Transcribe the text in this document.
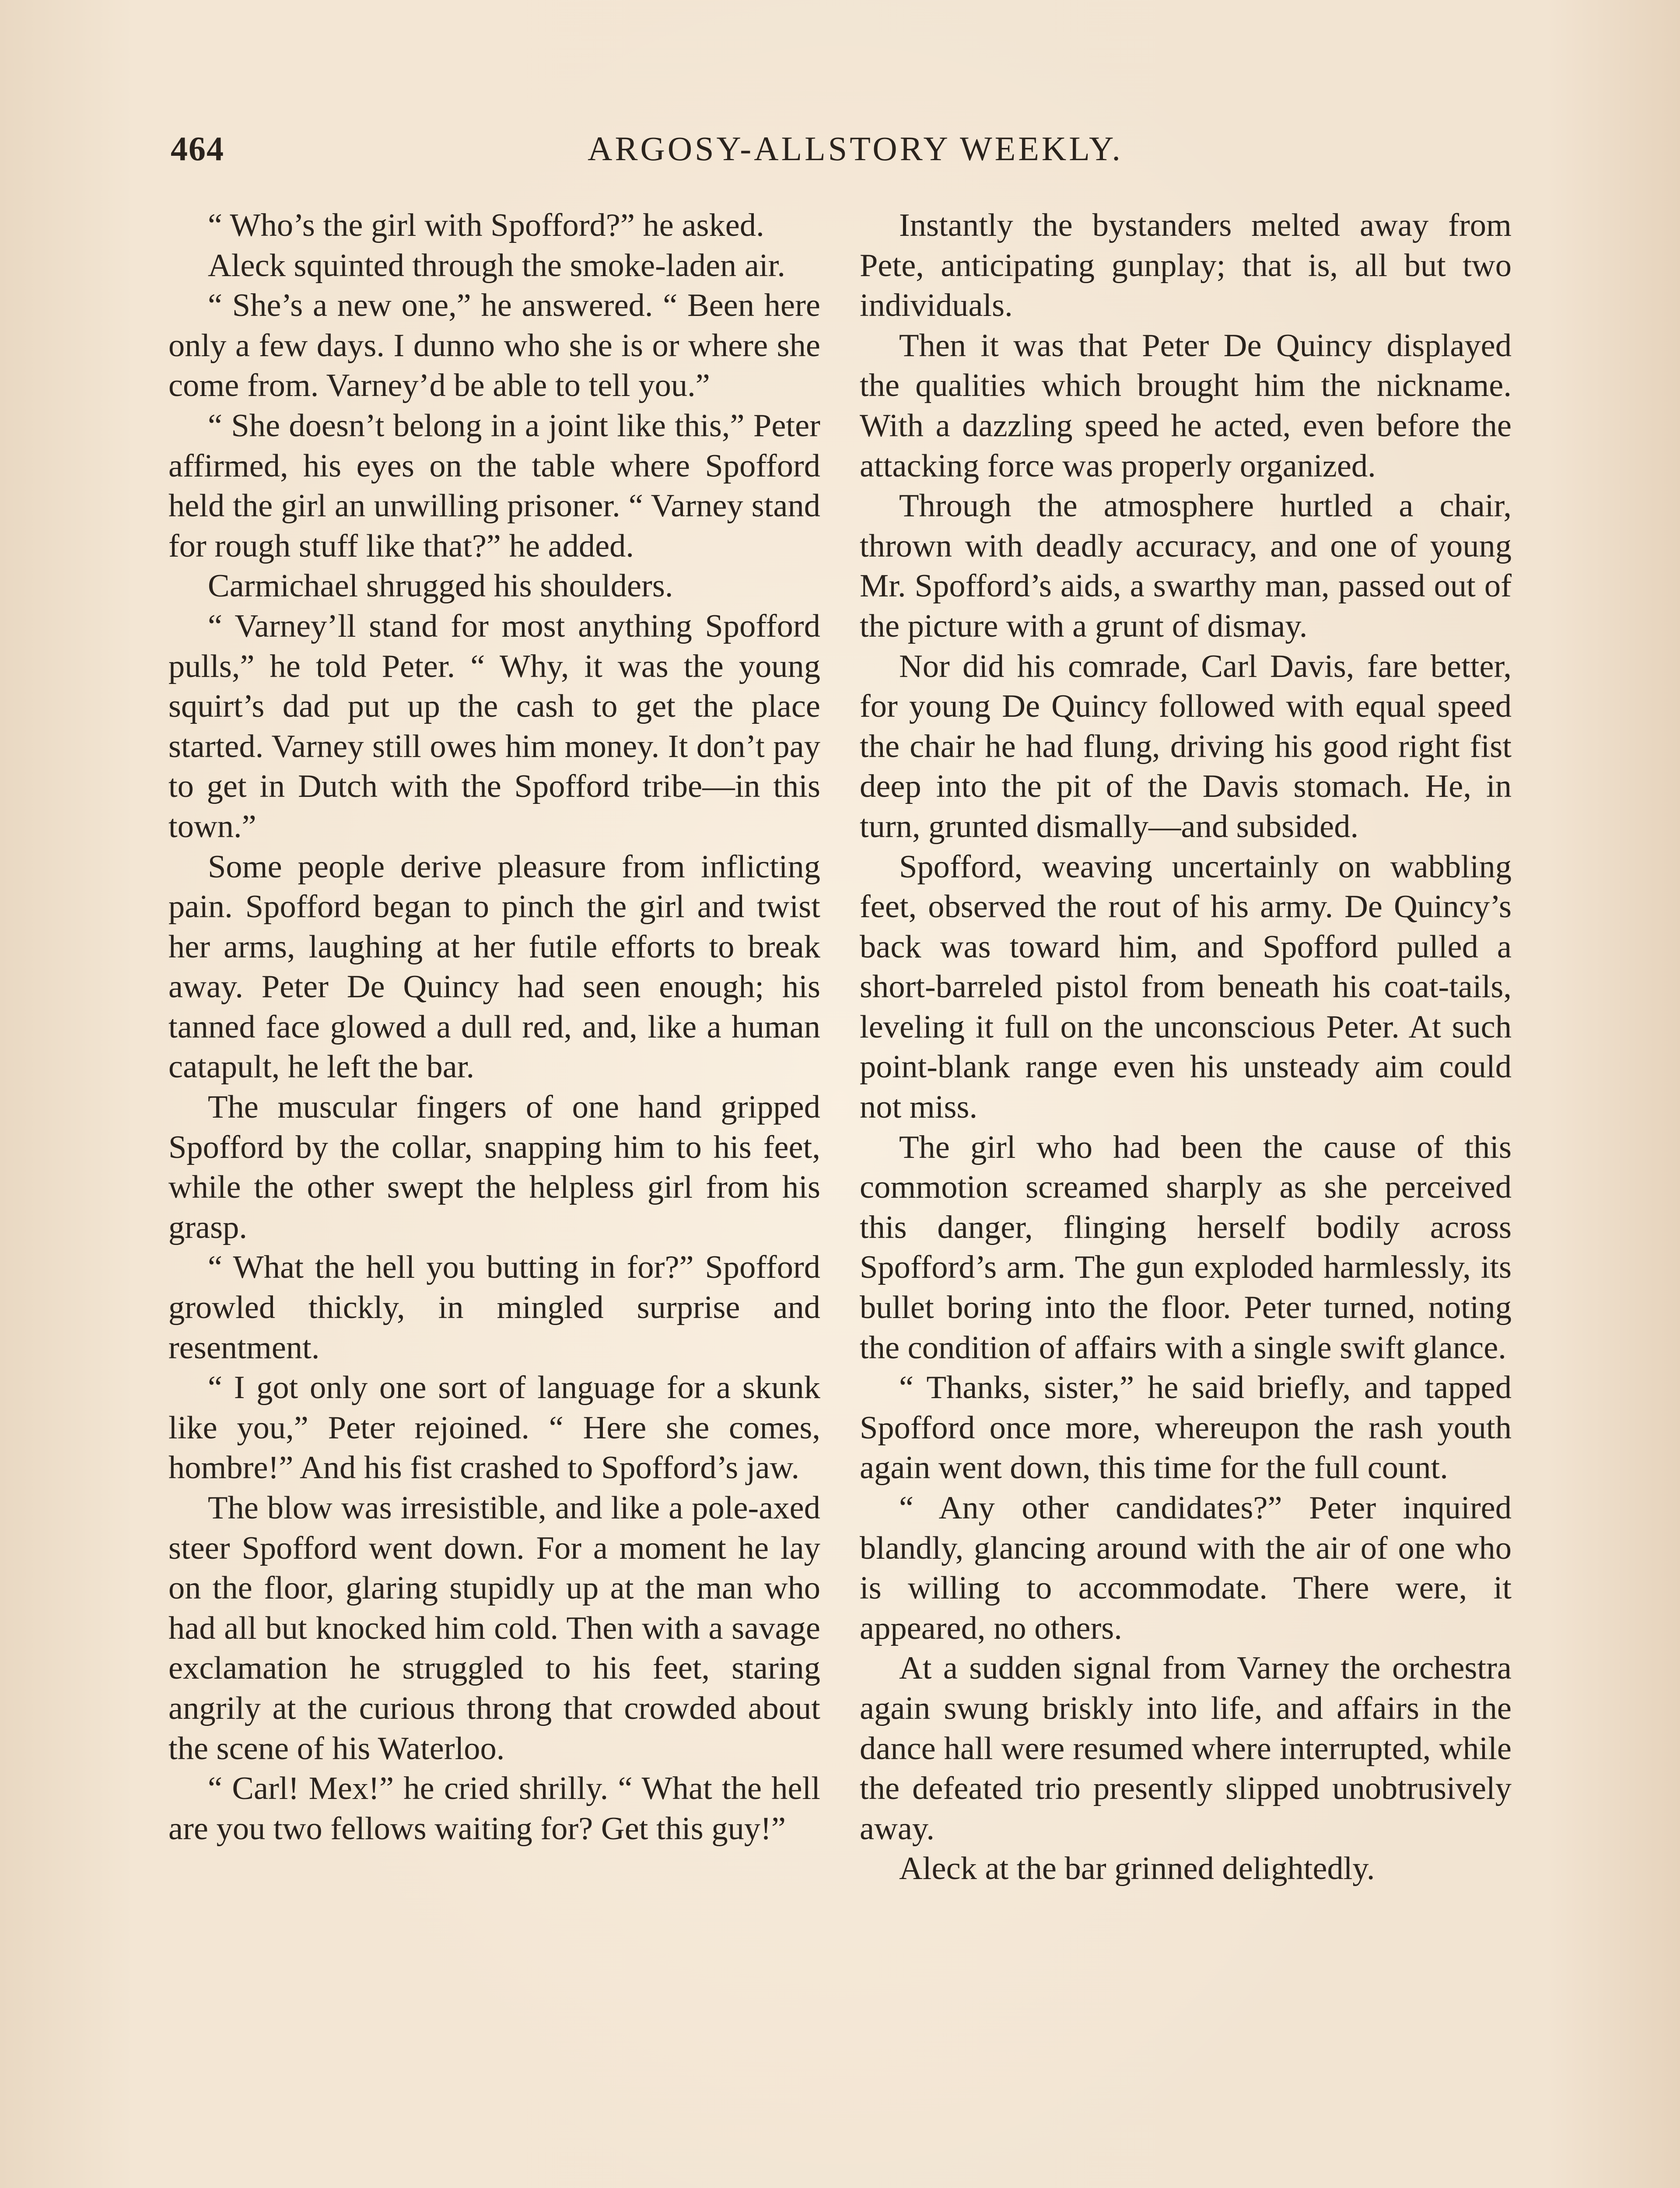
464	ARGOSY-ALLSTORY WEEKLY.

“ Who’s the girl with Spofford?” he asked.

Aleck squinted through the smoke-laden air.

“ She’s a new one,” he answered. “ Been here only a few days. I dunno who she is or where she come from. Varney’d be able to tell you.”

“ She doesn’t belong in a joint like this,” Peter affirmed, his eyes on the table where Spofford held the girl an unwilling prisoner. “ Varney stand for rough stuff like that?” he added.

Carmichael shrugged his shoulders.

“ Varney’ll stand for most anything Spofford pulls,” he told Peter. “ Why, it was the young squirt’s dad put up the cash to get the place started. Varney still owes him money. It don’t pay to get in Dutch with the Spofford tribe—in this town.”

Some people derive pleasure from inflicting pain. Spofford began to pinch the girl and twist her arms, laughing at her futile efforts to break away. Peter De Quincy had seen enough; his tanned face glowed a dull red, and, like a human catapult, he left the bar.

The muscular fingers of one hand gripped Spofford by the collar, snapping him to his feet, while the other swept the helpless girl from his grasp.

“ What the hell you butting in for?” Spofford growled thickly, in mingled surprise and resentment.

“ I got only one sort of language for a skunk like you,” Peter rejoined. “ Here she comes, hombre!” And his fist crashed to Spofford’s jaw.

The blow was irresistible, and like a pole-axed steer Spofford went down. For a moment he lay on the floor, glaring stupidly up at the man who had all but knocked him cold. Then with a savage exclamation he struggled to his feet, staring angrily at the curious throng that crowded about the scene of his Waterloo.

“ Carl! Mex!” he cried shrilly. “ What the hell are you two fellows waiting for? Get this guy!”

Instantly the bystanders melted away from Pete, anticipating gunplay; that is, all but two individuals.

Then it was that Peter De Quincy displayed the qualities which brought him the nickname. With a dazzling speed he acted, even before the attacking force was properly organized.

Through the atmosphere hurtled a chair, thrown with deadly accuracy, and one of young Mr. Spofford’s aids, a swarthy man, passed out of the picture with a grunt of dismay.

Nor did his comrade, Carl Davis, fare better, for young De Quincy followed with equal speed the chair he had flung, driving his good right fist deep into the pit of the Davis stomach. He, in turn, grunted dismally—and subsided.

Spofford, weaving uncertainly on wabbling feet, observed the rout of his army. De Quincy’s back was toward him, and Spofford pulled a short-barreled pistol from beneath his coat-tails, leveling it full on the unconscious Peter. At such point-blank range even his unsteady aim could not miss.

The girl who had been the cause of this commotion screamed sharply as she perceived this danger, flinging herself bodily across Spofford’s arm. The gun exploded harmlessly, its bullet boring into the floor. Peter turned, noting the condition of affairs with a single swift glance.

“ Thanks, sister,” he said briefly, and tapped Spofford once more, whereupon the rash youth again went down, this time for the full count.

“ Any other candidates?” Peter inquired blandly, glancing around with the air of one who is willing to accommodate. There were, it appeared, no others.

At a sudden signal from Varney the orchestra again swung briskly into life, and affairs in the dance hall were resumed where interrupted, while the defeated trio presently slipped unobtrusively away.

Aleck at the bar grinned delightedly.
